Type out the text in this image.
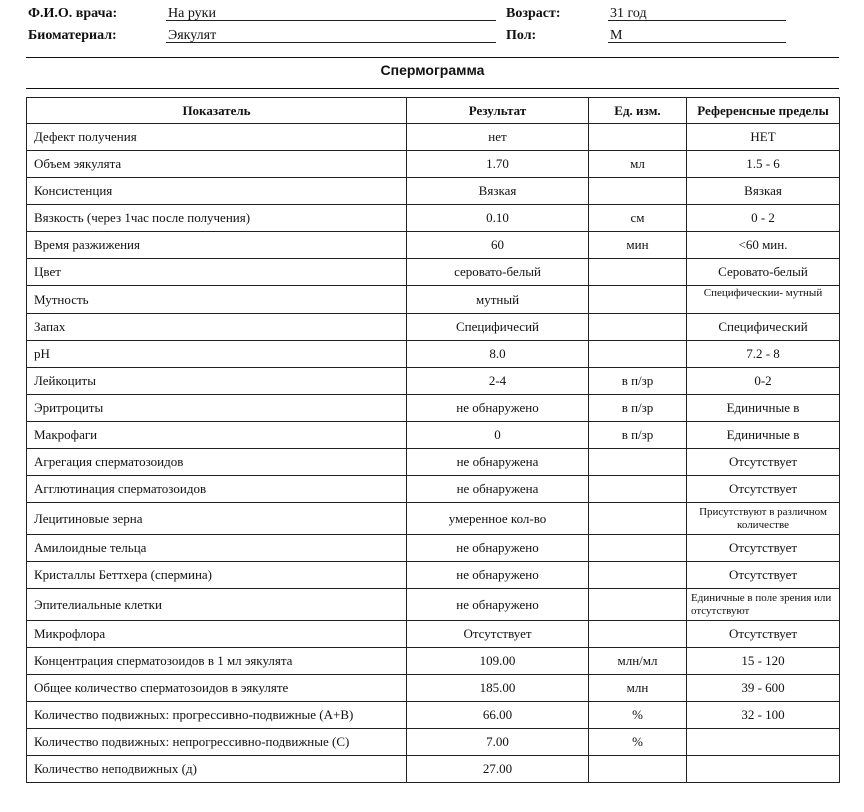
Ф.И.О. врача:	На руки	Возраст:	31 год
Биоматериал:	Эякулят	Пол:	М
Спермограмма
Показатель	Результат	Ед. изм.	Референсные пределы
Дефект получения	нет		НЕТ
Объем эякулята	1.70	мл	1.5 - 6
Консистенция	Вязкая		Вязкая
Вязкость (через 1час после получения)	0.10	см	0 - 2
Время разжижения	60	мин	<60 мин.
Цвет	серовато-белый		Серовато-белый
Мутность	мутный		Специфическии- мутный
Запах	Специфичесий		Специфический
pH	8.0		7.2 - 8
Лейкоциты	2-4	в п/зр	0-2
Эритроциты	не обнаружено	в п/зр	Единичные в
Макрофаги	0	в п/зр	Единичные в
Агрегация сперматозоидов	не обнаружена		Отсутствует
Агглютинация сперматозоидов	не обнаружена		Отсутствует
Лецитиновые зерна	умеренное кол-во		Присутствуют в различном количестве
Амилоидные тельца	не обнаружено		Отсутствует
Кристаллы Беттхера (спермина)	не обнаружено		Отсутствует
Эпителиальные клетки	не обнаружено		Единичные в поле зрения или отсутствуют
Микрофлора	Отсутствует		Отсутствует
Концентрация сперматозоидов в 1 мл эякулята	109.00	млн/мл	15 - 120
Общее количество сперматозоидов в эякуляте	185.00	млн	39 - 600
Количество подвижных: прогрессивно-подвижные (А+В)	66.00	%	32 - 100
Количество подвижных: непрогрессивно-подвижные (С)	7.00	%	
Количество неподвижных (д)	27.00		
